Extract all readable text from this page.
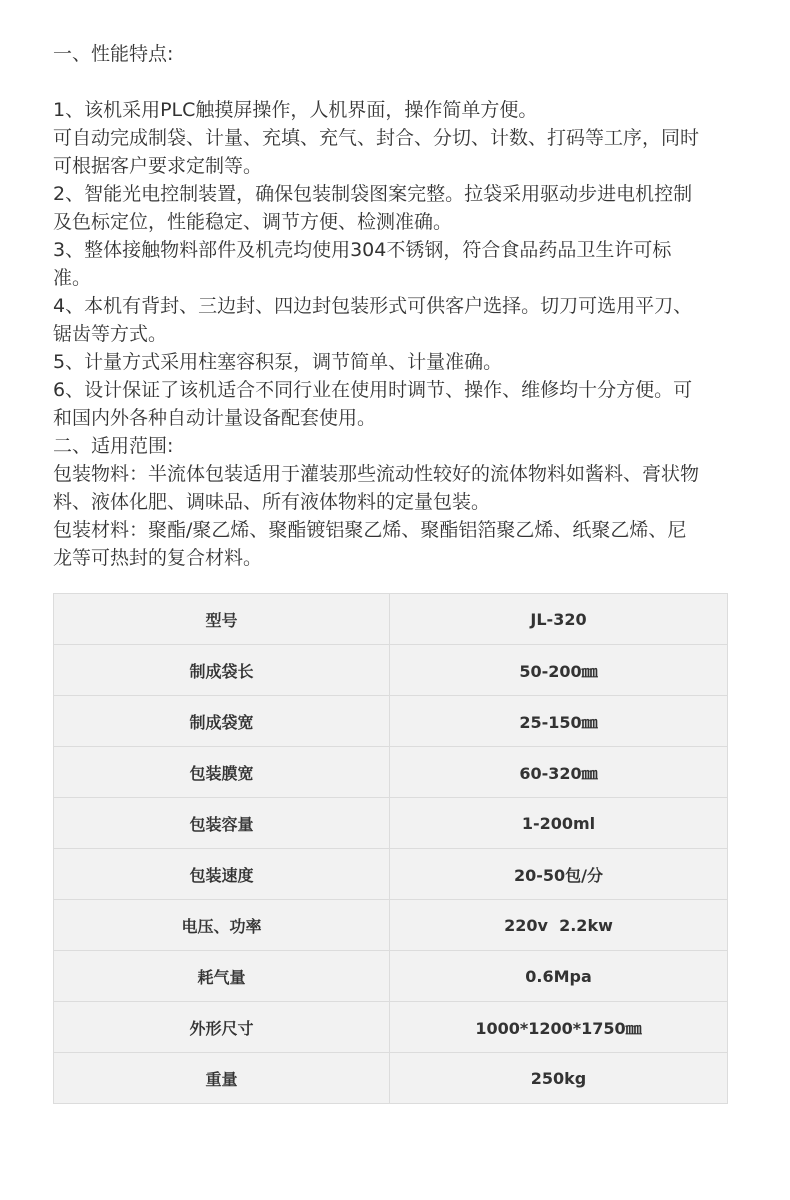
一、性能特点:
1、该机采用PLC触摸屏操作，人机界面，操作简单方便。
可自动完成制袋、计量、充填、充气、封合、分切、计数、打码等工序，同时
可根据客户要求定制等。
2、智能光电控制装置，确保包装制袋图案完整。拉袋采用驱动步进电机控制
及色标定位，性能稳定、调节方便、检测准确。
3、整体接触物料部件及机壳均使用304不锈钢，符合食品药品卫生许可标
准。
4、本机有背封、三边封、四边封包装形式可供客户选择。切刀可选用平刀、
锯齿等方式。
5、计量方式采用柱塞容积泵，调节简单、计量准确。
6、设计保证了该机适合不同行业在使用时调节、操作、维修均十分方便。可
和国内外各种自动计量设备配套使用。
二、适用范围:
包装物料：半流体包装适用于灌装那些流动性较好的流体物料如酱料、膏状物
料、液体化肥、调味品、所有液体物料的定量包装。
包装材料：聚酯/聚乙烯、聚酯镀铝聚乙烯、聚酯铝箔聚乙烯、纸聚乙烯、尼
龙等可热封的复合材料。
型号	JL-320
制成袋长	50-200㎜
制成袋宽	25-150㎜
包装膜宽	60-320㎜
包装容量	1-200ml
包装速度	20-50包/分
电压、功率	220v  2.2kw
耗气量	0.6Mpa
外形尺寸	1000*1200*1750㎜
重量	250kg
